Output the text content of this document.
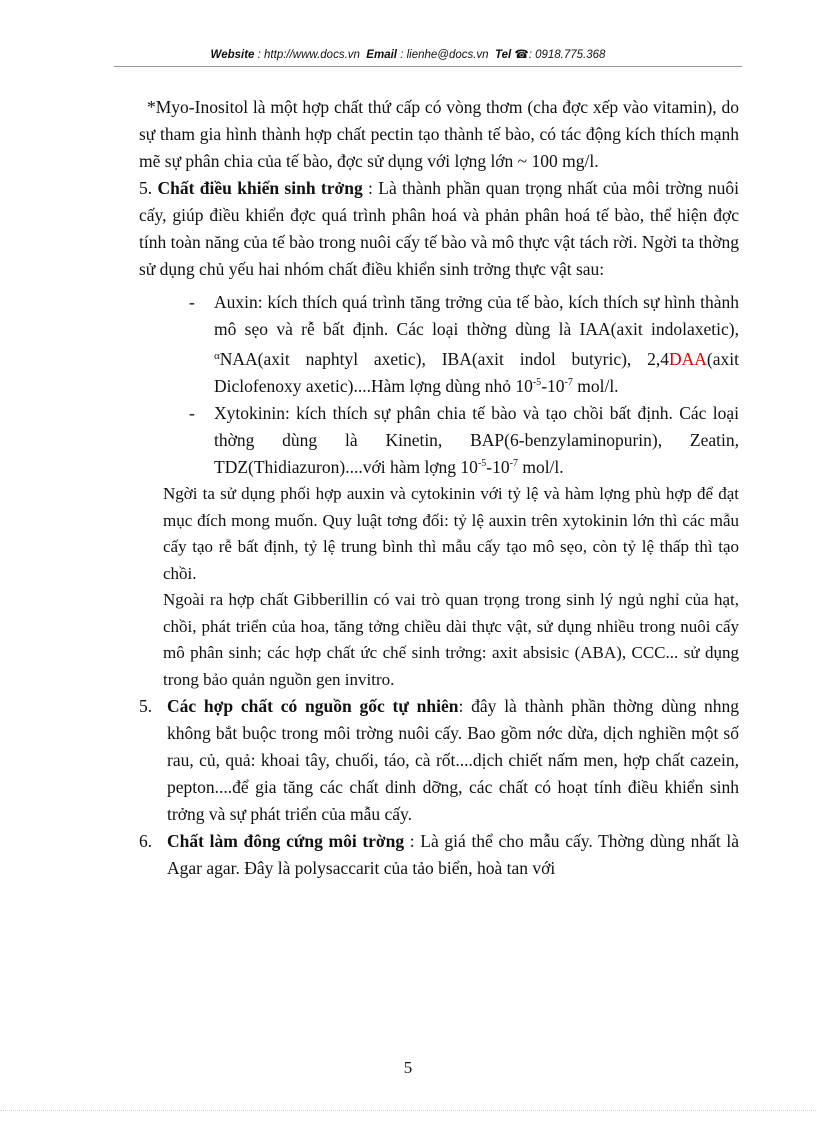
Website : http://www.docs.vn Email : lienhe@docs.vn Tel ☎: 0918.775.368

*Myo-Inositol là một hợp chất thứ cấp có vòng thơm (cha đợc xếp vào vitamin), do sự tham gia hình thành hợp chất pectin tạo thành tế bào, có tác động kích thích mạnh mẽ sự phân chia của tế bào, đợc sử dụng với lợng lớn ~ 100 mg/l.

5. Chất điều khiển sinh trởng : Là thành phần quan trọng nhất của môi trờng nuôi cấy, giúp điều khiển đợc quá trình phân hoá và phản phân hoá tế bào, thể hiện đợc tính toàn năng của tế bào trong nuôi cấy tế bào và mô thực vật tách rời. Ngời ta thờng sử dụng chủ yếu hai nhóm chất điều khiển sinh trởng thực vật sau:

- Auxin: kích thích quá trình tăng trởng của tế bào, kích thích sự hình thành mô sẹo và rễ bất định. Các loại thờng dùng là IAA(axit indolaxetic), $^\alpha$NAA(axit naphtyl axetic), IBA(axit indol butyric), 2,4DAA(axit Diclofenoxy axetic)....Hàm lợng dùng nhỏ $10^{-5}-10^{-7}$ mol/l.

- Xytokinin: kích thích sự phân chia tế bào và tạo chồi bất định. Các loại thờng dùng là Kinetin, BAP(6-benzylaminopurin), Zeatin, TDZ(Thidiazuron)....với hàm lợng $10^{-5}-10^{-7}$ mol/l.

Ngời ta sử dụng phối hợp auxin và cytokinin với tỷ lệ và hàm lợng phù hợp để đạt mục đích mong muốn. Quy luật tơng đối: tỷ lệ auxin trên xytokinin lớn thì các mẫu cấy tạo rễ bất định, tỷ lệ trung bình thì mẫu cấy tạo mô sẹo, còn tỷ lệ thấp thì tạo chồi.

Ngoài ra hợp chất Gibberillin có vai trò quan trọng trong sinh lý ngủ nghỉ của hạt, chồi, phát triển của hoa, tăng tởng chiều dài thực vật, sử dụng nhiều trong nuôi cấy mô phân sinh; các hợp chất ức chế sinh trởng: axit absisic (ABA), CCC... sử dụng trong bảo quản nguồn gen invitro.

5. Các hợp chất có nguồn gốc tự nhiên: đây là thành phần thờng dùng nhng không bắt buộc trong môi trờng nuôi cấy. Bao gồm nớc dừa, dịch nghiền một số rau, củ, quả: khoai tây, chuối, táo, cà rốt....dịch chiết nấm men, hợp chất cazein, pepton....để gia tăng các chất dinh dỡng, các chất có hoạt tính điều khiển sinh trởng và sự phát triển của mẫu cấy.

6. Chất làm đông cứng môi trờng : Là giá thể cho mẫu cấy. Thờng dùng nhất là Agar agar. Đây là polysaccarit của tảo biển, hoà tan với

5
